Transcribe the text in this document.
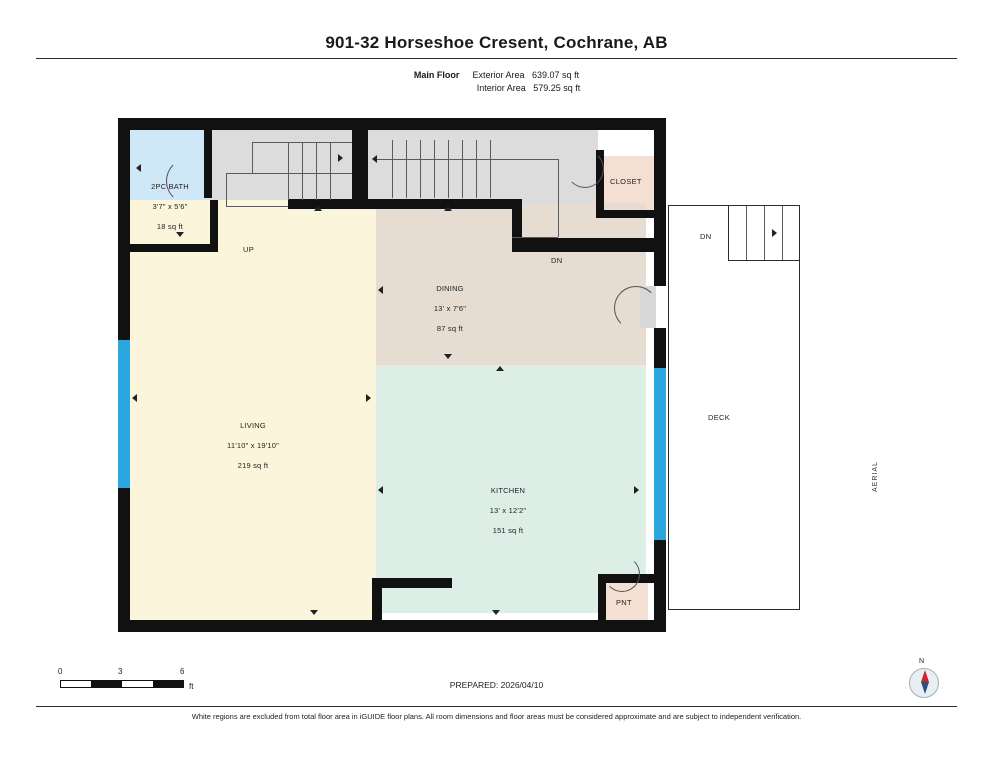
901-32 Horseshoe Cresent, Cochrane, AB
Main Floor Exterior Area 639.07 sq ft
Interior Area 579.25 sq ft
DN
DECK
AERIAL

2PC BATH

3'7" x 5'6"

18 sq ft

LIVING

11'10" x 19'10"

219 sq ft

DINING

13' x 7'6"

87 sq ft

KITCHEN

13' x 12'2"

151 sq ft

CLOSET
PNT
UP
DN
0	3	6
ft	PREPARED: 2026/04/10
N
White regions are excluded from total floor area in iGUIDE floor plans. All room dimensions and floor areas must be considered approximate and are subject to independent verification.
